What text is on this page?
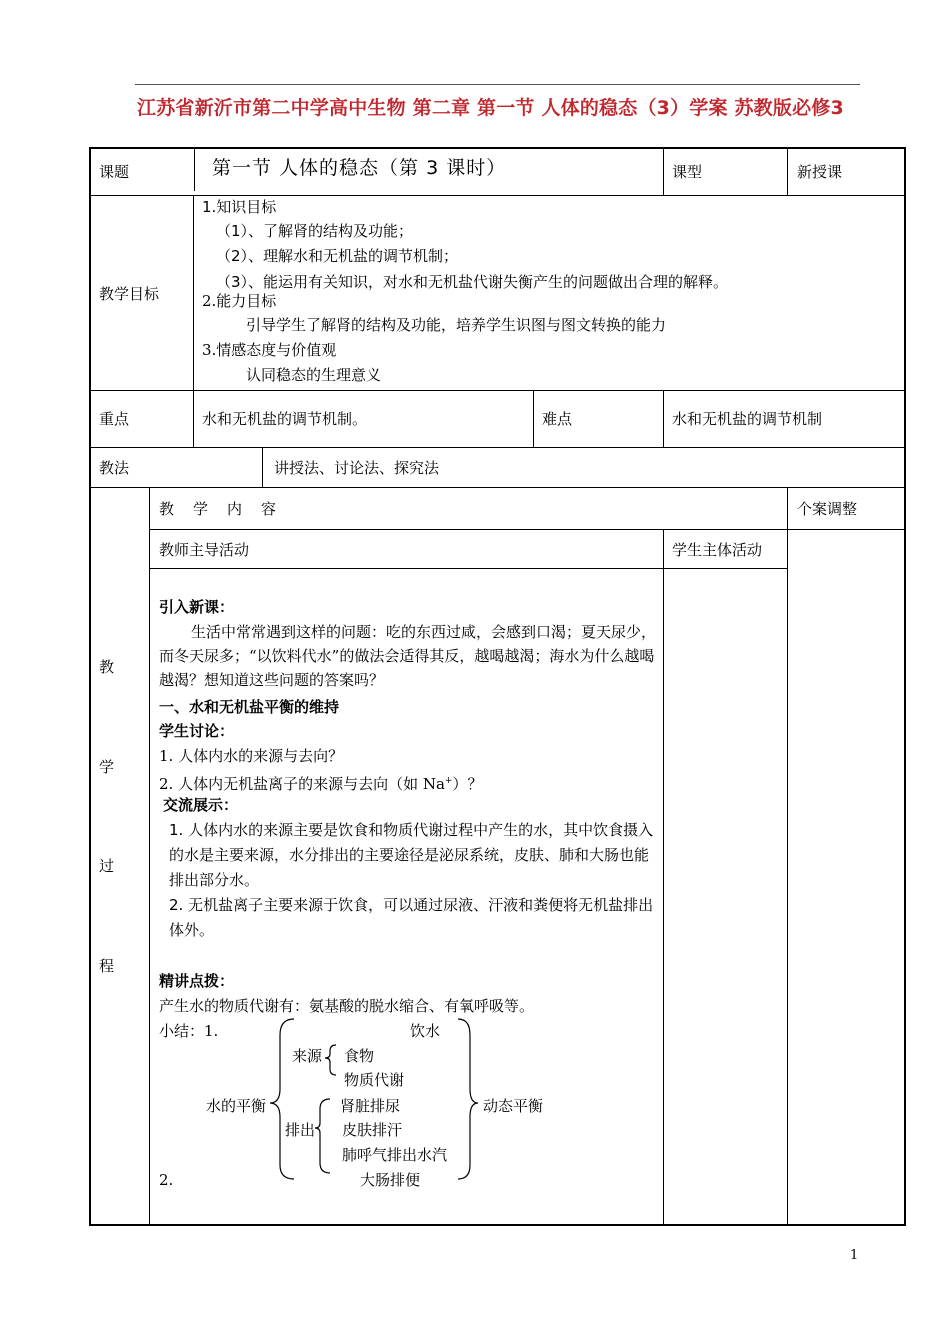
江苏省新沂市第二中学高中生物 第二章 第一节 人体的稳态（3）学案 苏教版必修3
课题	第一节 人体的稳态（第 3 课时）	课型	新授课
教学目标
1.知识目标
（1）、了解肾的结构及功能；
（2）、理解水和无机盐的调节机制；
（3）、能运用有关知识，对水和无机盐代谢失衡产生的问题做出合理的解释。
2.能力目标
引导学生了解肾的结构及功能，培养学生识图与图文转换的能力
3.情感态度与价值观
认同稳态的生理意义
重点	水和无机盐的调节机制。	难点	水和无机盐的调节机制
教法	讲授法、讨论法、探究法
教　学　内　容	个案调整
教师主导活动	学生主体活动
教
学
过
程
引入新课：
生活中常常遇到这样的问题：吃的东西过咸，会感到口渴；夏天尿少，而冬天尿多；“以饮料代水”的做法会适得其反，越喝越渴；海水为什么越喝越渴？想知道这些问题的答案吗？
一、水和无机盐平衡的维持
学生讨论：
1. 人体内水的来源与去向？
2. 人体内无机盐离子的来源与去向（如 Na+）？
交流展示：
1. 人体内水的来源主要是饮食和物质代谢过程中产生的水，其中饮食摄入的水是主要来源，水分排出的主要途径是泌尿系统，皮肤、肺和大肠也能排出部分水。
2. 无机盐离子主要来源于饮食，可以通过尿液、汗液和粪便将无机盐排出体外。
精讲点拨：
产生水的物质代谢有：氨基酸的脱水缩合、有氧呼吸等。
小结：1.	饮水
来源 食物
物质代谢
水的平衡	肾脏排尿	动态平衡
排出 皮肤排汗
肺呼气排出水汽
2.	大肠排便
1
